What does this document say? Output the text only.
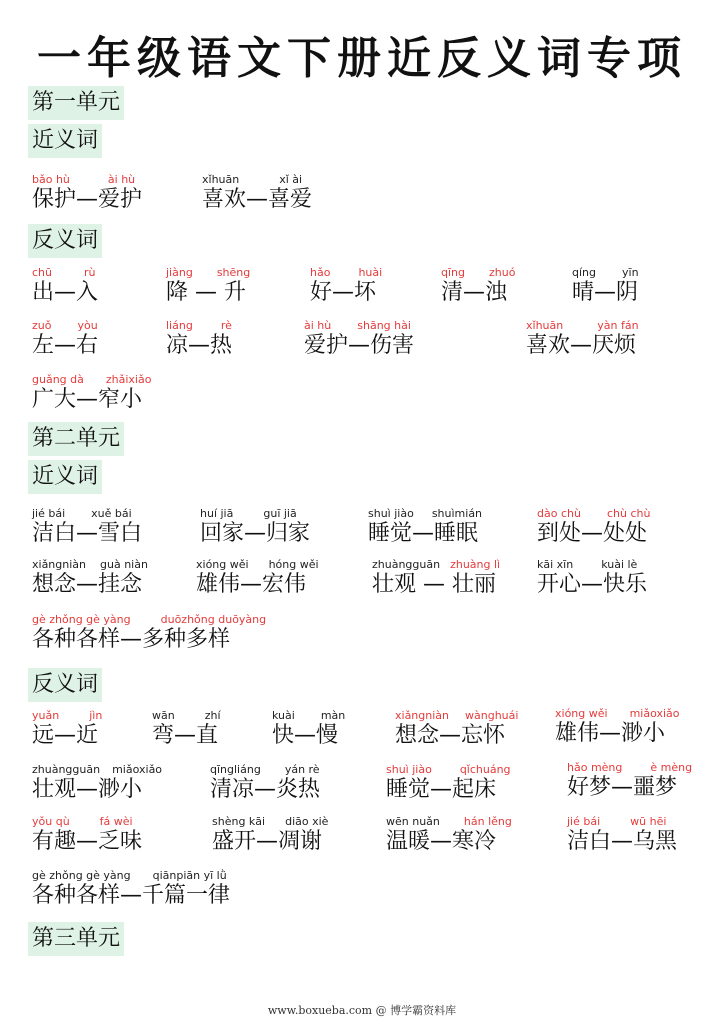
一年级语文下册近反义词专项
第一单元
近义词
bǎo hù	ài hù
保护—爱护
xǐhuān	xǐ ài
喜欢—喜爱
反义词
chū	rù
出—入
jiàng shēng
降 — 升
hǎo	huài
好—坏
qīng zhuó
清—浊
qíng yīn
晴—阴
zuǒ yòu
左—右
liáng	rè
凉—热
ài hù shāng hài
爱护—伤害
xǐhuān	yàn fán
喜欢—厌烦
guǎng dà zhǎixiǎo
广大—窄小
第二单元
近义词
jié bái xuě bái
洁白—雪白
huí jiā	guī jiā
回家—归家
shuì jiào shuìmián
睡觉—睡眠
dào chù chù chù
到处—处处
xiǎngniàn guà niàn
想念—挂念
xióng wěi hóng wěi
雄伟—宏伟
zhuàngguān zhuàng lì
壮观 — 壮丽
kāi xīn	kuài lè
开心—快乐
gè zhǒng gè yàng	duōzhǒng duōyàng
各种各样—多种多样
反义词
yuǎn	jìn
远—近
wān	zhí
弯—直
kuài màn
快—慢
xiǎngniàn wànghuái
想念—忘怀
xióng wěi miǎoxiǎo
雄伟—渺小
zhuàngguān miǎoxiǎo
壮观—渺小
qīngliáng yán rè
清凉—炎热
shuì jiào	qǐchuáng
睡觉—起床
hǎo mèng	è mèng
好梦—噩梦
yǒu qù	fá wèi
有趣—乏味
shèng kāi diāo xiè
盛开—凋谢
wēn nuǎn hán lěng
温暖—寒冷
jié bái	wū hēi
洁白—乌黑
gè zhǒng gè yàng qiānpiān yī lǜ
各种各样—千篇一律
第三单元
www.boxueba.com @ 博学霸资料库
